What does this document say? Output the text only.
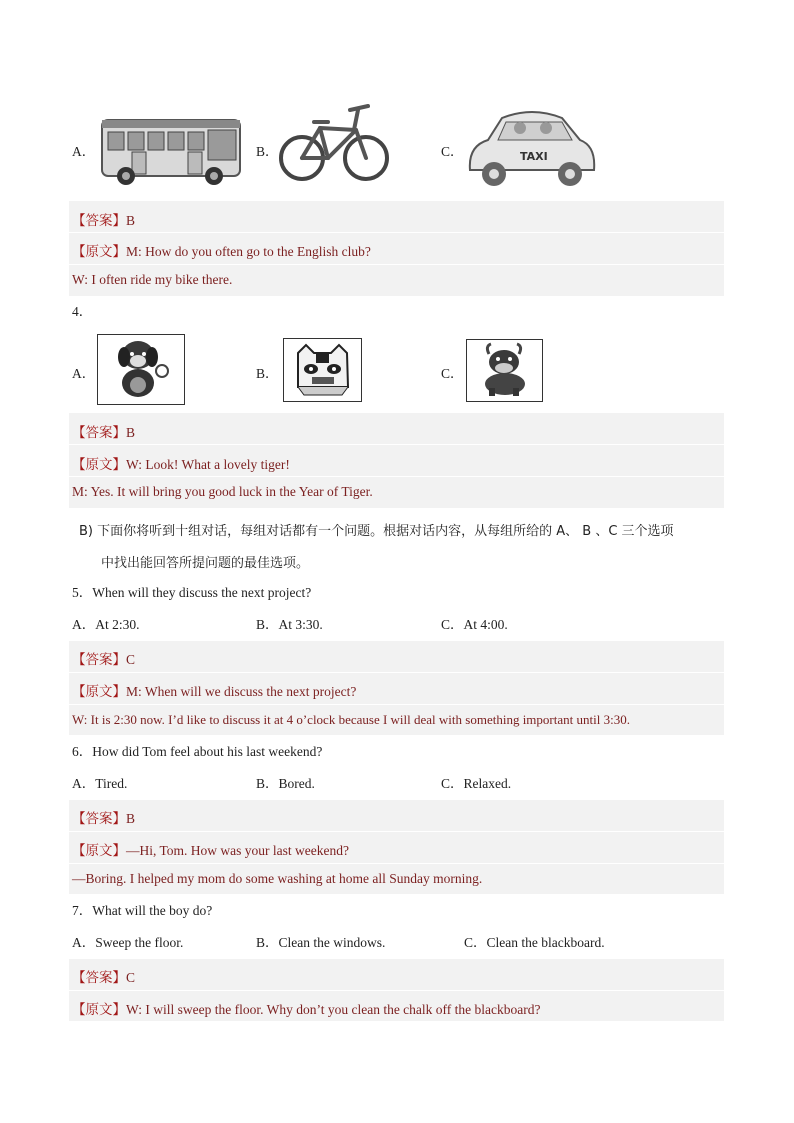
A．	B．	C．	TAXI
【答案】B
【原文】M: How do you often go to the English club?
W: I often ride my bike there.
4．
A．	B．	C．
【答案】B
【原文】W: Look! What a lovely tiger!
M: Yes. It will bring you good luck in the Year of Tiger.
B) 下面你将听到十组对话，每组对话都有一个问题。根据对话内容，从每组所给的 A、 B 、C 三个选项
中找出能回答所提问题的最佳选项。
5．When will they discuss the next project?
A．At 2:30.	B．At 3:30.	C．At 4:00.
【答案】C
【原文】M: When will we discuss the next project?
W: It is 2:30 now. I’d like to discuss it at 4 o’clock because I will deal with something important until 3:30.
6．How did Tom feel about his last weekend?
A．Tired.	B．Bored.	C．Relaxed.
【答案】B
【原文】—Hi, Tom. How was your last weekend?
—Boring. I helped my mom do some washing at home all Sunday morning.
7．What will the boy do?
A．Sweep the floor.	B．Clean the windows.	C．Clean the blackboard.
【答案】C
【原文】W: I will sweep the floor. Why don’t you clean the chalk off the blackboard?
